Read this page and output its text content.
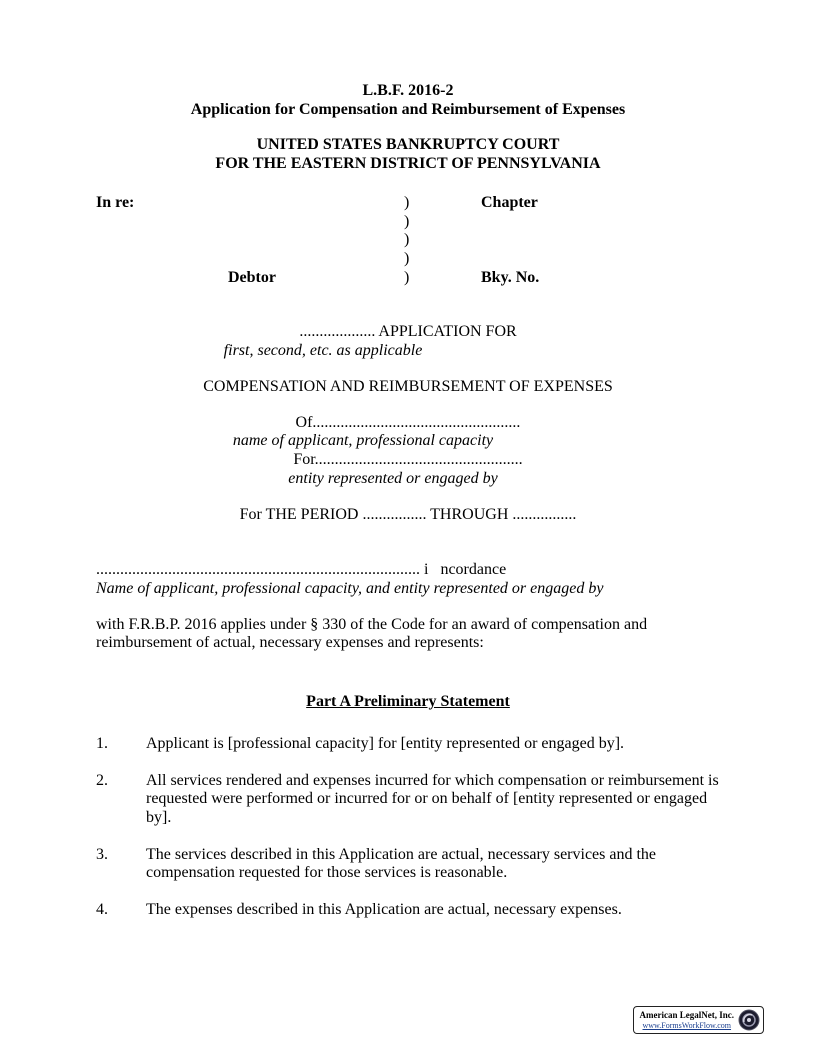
L.B.F. 2016-2
Application for Compensation and Reimbursement of Expenses
UNITED STATES BANKRUPTCY COURT
FOR THE EASTERN DISTRICT OF PENNSYLVANIA
In re:	)	Chapter
)
)
)
Debtor	)	Bky. No.
................... APPLICATION FOR
first, second, etc. as applicable
COMPENSATION AND REIMBURSEMENT OF EXPENSES
Of....................................................
name of applicant, professional capacity
For....................................................
entity represented or engaged by
For THE PERIOD ................ THROUGH ................
................................................................................. i   ncordance
Name of applicant, professional capacity, and entity represented or engaged by
with F.R.B.P. 2016 applies under § 330 of the Code for an award of compensation and reimbursement of actual, necessary expenses and represents:
Part A Preliminary Statement
1.	Applicant is [professional capacity] for [entity represented or engaged by].
2.	All services rendered and expenses incurred for which compensation or reimbursement is requested were performed or incurred for or on behalf of [entity represented or engaged by].
3.	The services described in this Application are actual, necessary services and the compensation requested for those services is reasonable.
4.	The expenses described in this Application are actual, necessary expenses.
American LegalNet, Inc.
www.FormsWorkFlow.com
